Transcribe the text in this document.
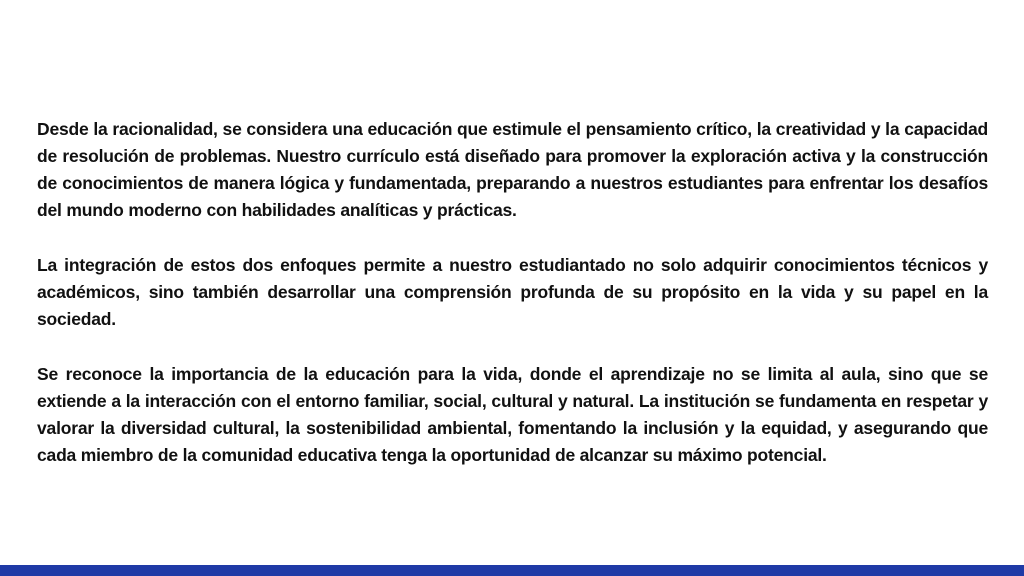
Desde la racionalidad, se considera una educación que estimule el pensamiento crítico, la creatividad y la capacidad de resolución de problemas. Nuestro currículo está diseñado para promover la exploración activa y la construcción de conocimientos de manera lógica y fundamentada, preparando a nuestros estudiantes para enfrentar los desafíos del mundo moderno con habilidades analíticas y prácticas.

La integración de estos dos enfoques permite a nuestro estudiantado no solo adquirir conocimientos técnicos y académicos, sino también desarrollar una comprensión profunda de su propósito en la vida y su papel en la sociedad.

Se reconoce la importancia de la educación para la vida, donde el aprendizaje no se limita al aula, sino que se extiende a la interacción con el entorno familiar, social, cultural y natural. La institución se fundamenta en respetar y valorar la diversidad cultural, la sostenibilidad ambiental, fomentando la inclusión y la equidad, y asegurando que cada miembro de la comunidad educativa tenga la oportunidad de alcanzar su máximo potencial.
